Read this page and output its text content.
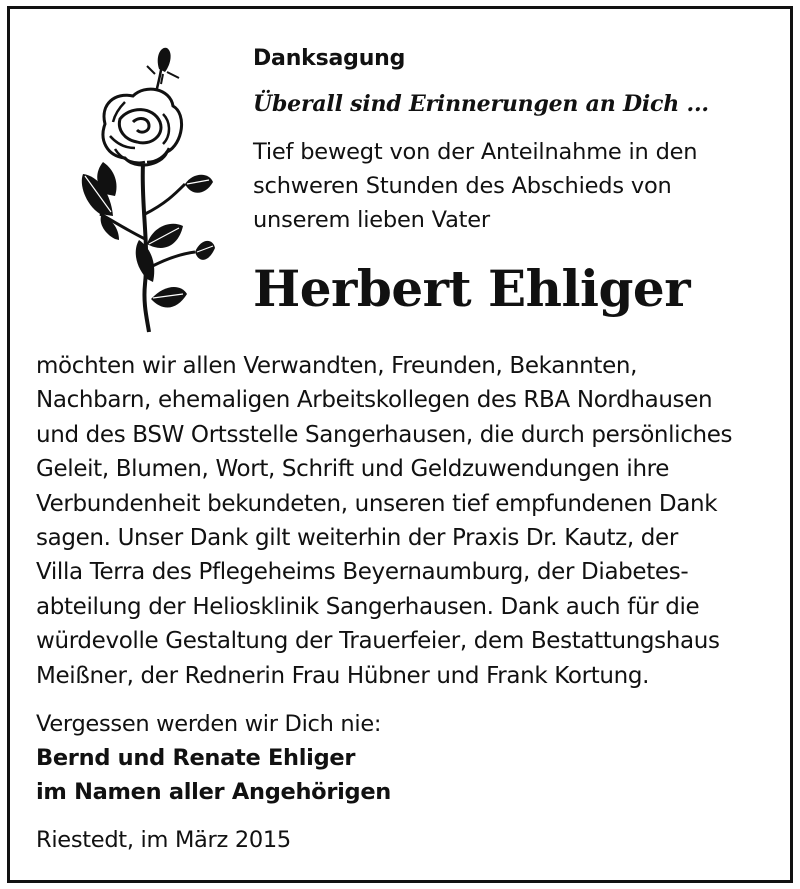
Danksagung
Überall sind Erinnerungen an Dich ...
Tief bewegt von der Anteilnahme in den
schweren Stunden des Abschieds von
unserem lieben Vater
Herbert Ehliger
möchten wir allen Verwandten, Freunden, Bekannten,
Nachbarn, ehemaligen Arbeitskollegen des RBA Nordhausen
und des BSW Ortsstelle Sangerhausen, die durch persönliches
Geleit, Blumen, Wort, Schrift und Geldzuwendungen ihre
Verbundenheit bekundeten, unseren tief empfundenen Dank
sagen. Unser Dank gilt weiterhin der Praxis Dr. Kautz, der
Villa Terra des Pflegeheims Beyernaumburg, der Diabetes-
abteilung der Heliosklinik Sangerhausen. Dank auch für die
würdevolle Gestaltung der Trauerfeier, dem Bestattungshaus
Meißner, der Rednerin Frau Hübner und Frank Kortung.
Vergessen werden wir Dich nie:
Bernd und Renate Ehliger
im Namen aller Angehörigen
Riestedt, im März 2015
